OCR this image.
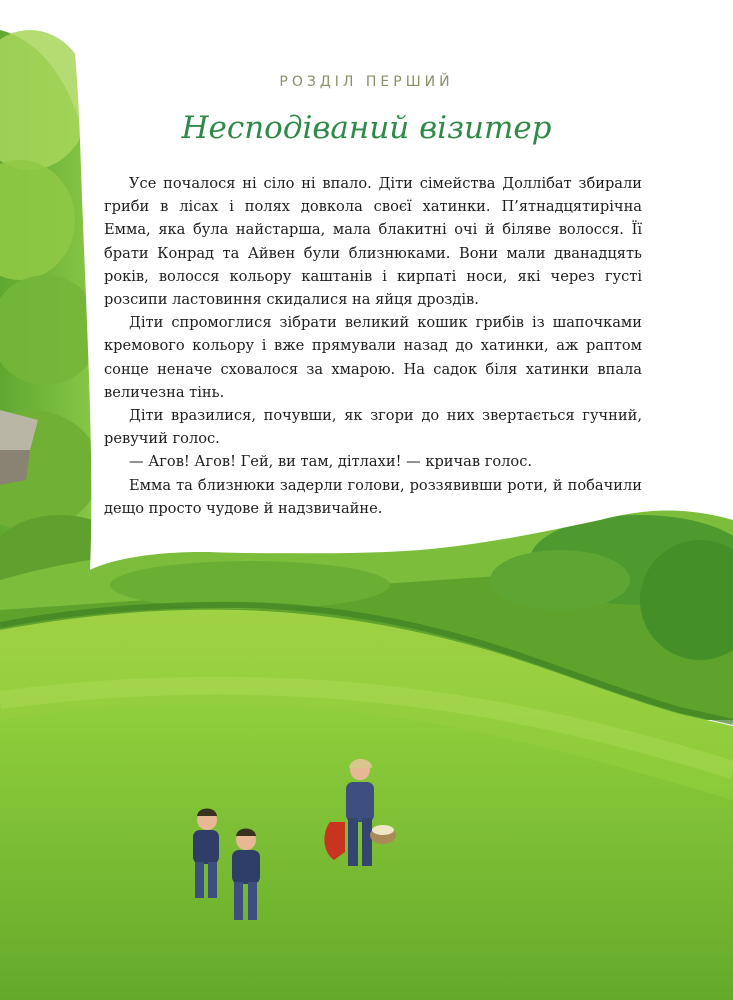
РОЗДІЛ ПЕРШИЙ
Несподіваний візитер

Усе почалося ні сіло ні впало. Діти сімейства Доллібат збирали гриби в лісах і полях довкола своєї хатинки. П’ятнадцятирічна Емма, яка була найстарша, мала блакитні очі й біляве волосся. Її брати Конрад та Айвен були близнюками. Вони мали дванадцять років, волосся кольору каштанів і кирпаті носи, які через густі розсипи ластовиння скидалися на яйця дроздів.

Діти спромоглися зібрати великий кошик грибів із шапочками кремового кольору і вже прямували назад до хатинки, аж раптом сонце неначе сховалося за хмарою. На садок біля хатинки впала величезна тінь.

Діти вразилися, почувши, як згори до них звертається гучний, ревучий голос.

— Агов! Агов! Гей, ви там, дітлахи! — кричав голос.

Емма та близнюки задерли голови, роззявивши роти, й побачили дещо просто чудове й надзвичайне.
